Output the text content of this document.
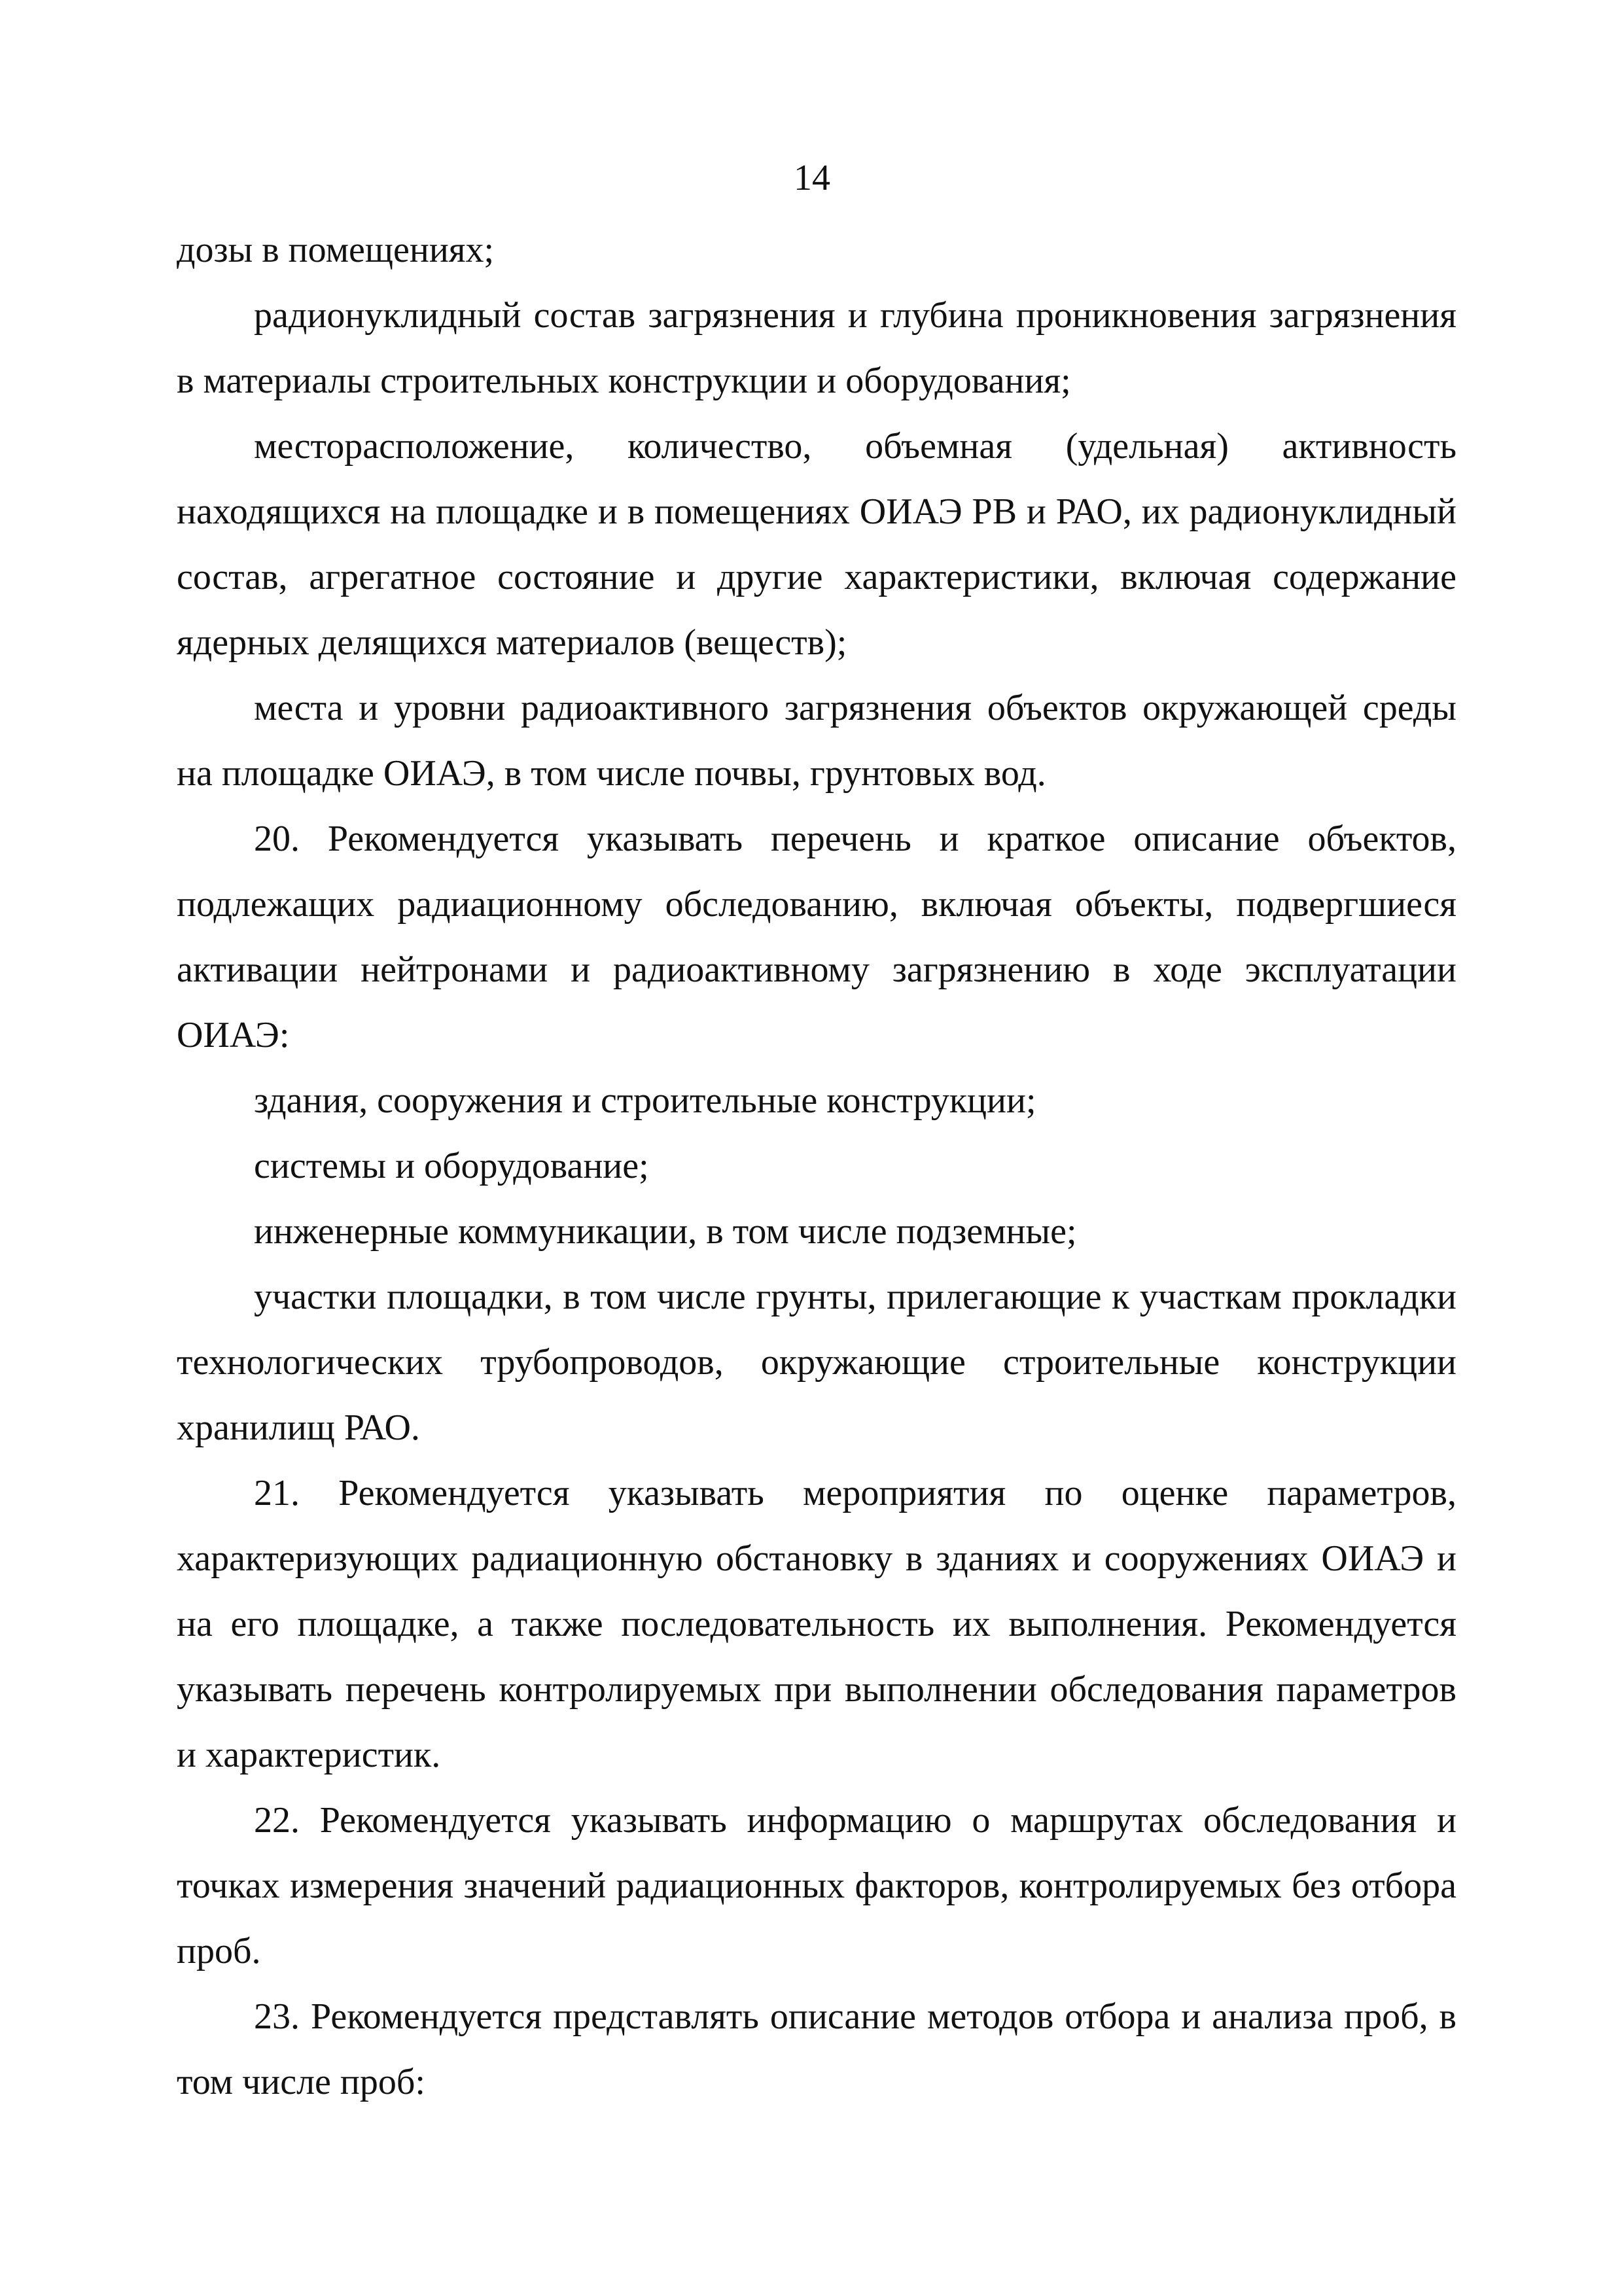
14

дозы в помещениях;

радионуклидный состав загрязнения и глубина проникновения загрязнения в материалы строительных конструкции и оборудования;

месторасположение, количество, объемная (удельная) активность находящихся на площадке и в помещениях ОИАЭ РВ и РАО, их радионуклидный состав, агрегатное состояние и другие характеристики, включая содержание ядерных делящихся материалов (веществ);

места и уровни радиоактивного загрязнения объектов окружающей среды на площадке ОИАЭ, в том числе почвы, грунтовых вод.

20. Рекомендуется указывать перечень и краткое описание объектов, подлежащих радиационному обследованию, включая объекты, подвергшиеся активации нейтронами и радиоактивному загрязнению в ходе эксплуатации ОИАЭ:

здания, сооружения и строительные конструкции;

системы и оборудование;

инженерные коммуникации, в том числе подземные;

участки площадки, в том числе грунты, прилегающие к участкам прокладки технологических трубопроводов, окружающие строительные конструкции хранилищ РАО.

21. Рекомендуется указывать мероприятия по оценке параметров, характеризующих радиационную обстановку в зданиях и сооружениях ОИАЭ и на его площадке, а также последовательность их выполнения. Рекомендуется указывать перечень контролируемых при выполнении обследования параметров и характеристик.

22. Рекомендуется указывать информацию о маршрутах обследования и точках измерения значений радиационных факторов, контролируемых без отбора проб.

23. Рекомендуется представлять описание методов отбора и анализа проб, в том числе проб:
